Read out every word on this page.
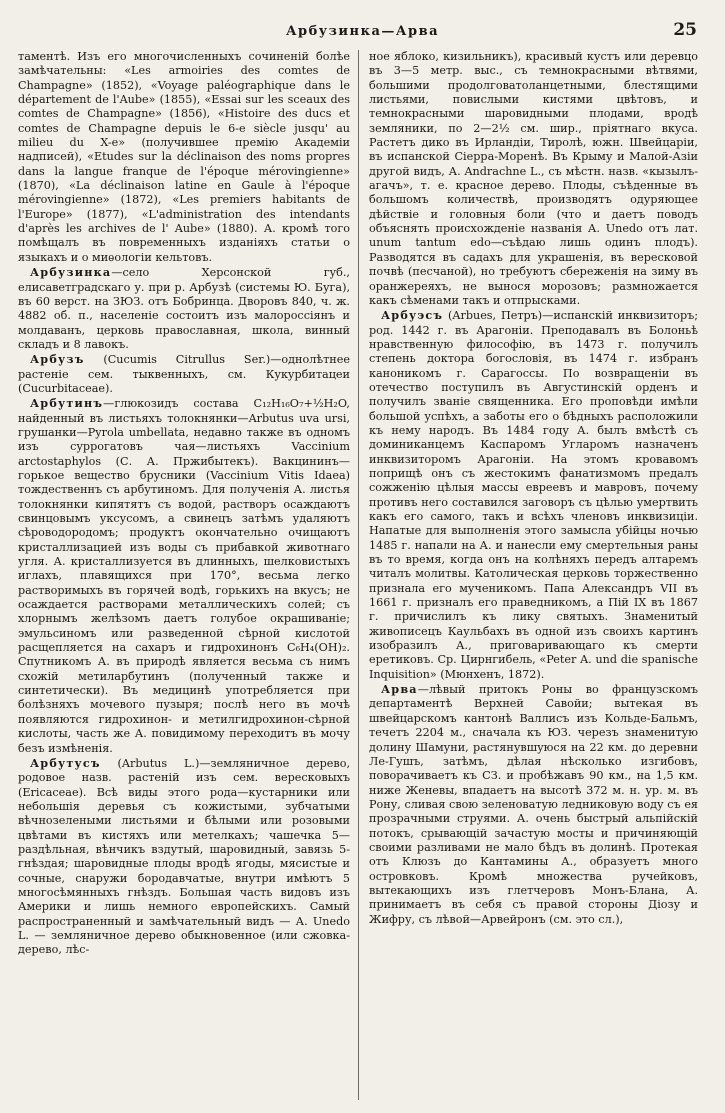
Арбузинка—Арва	25

таментѣ. Изъ его многочисленныхъ сочиненій болѣе замѣчательны: «Les armoiries des comtes de Champagne» (1852), «Voyage paléographique dans le département de l'Aube» (1855), «Essai sur les sceaux des comtes de Champagne» (1856), «Histoire des ducs et comtes de Champagne depuis le 6-e siècle jusqu' au milieu du X-e» (получившее премію Академіи надписей), «Etudes sur la déclinaison des noms propres dans la langue franque de l'époque mérovingienne» (1870), «La déclinaison latine en Gaule à l'époque mérovingienne» (1872), «Les premiers habitants de l'Europe» (1877), «L'administration des intendants d'après les archives de l' Aube» (1880). А. кромѣ того помѣщалъ въ повременныхъ изданіяхъ статьи о языкахъ и о миѳологіи кельтовъ.

Арбузинка—село Херсонской губ., елисаветградскаго у. при р. Арбузѣ (системы Ю. Буга), въ 60 верст. на ЗЮЗ. отъ Бобринца. Дворовъ 840, ч. ж. 4882 об. п., населеніе состоитъ изъ малороссіянъ и молдаванъ, церковь православная, школа, винный складъ и 8 лавокъ.

Арбузъ (Cucumis Citrullus Ser.)—однолѣтнее растеніе сем. тыквенныхъ, см. Кукурбитацеи (Cucurbitaceae).

Арбутинъ—глюкозидъ состава C₁₂H₁₆O₇+½H₂O, найденный въ листьяхъ толокнянки—Arbutus uva ursi, грушанки—Pyrola umbellata, недавно также въ одномъ изъ суррогатовъ чая—листьяхъ Vaccinium arctostaphylos (С. А. Пржибытекъ). Вакцининъ—горькое вещество брусники (Vaccinium Vitis Idaea) тождественнъ съ арбутиномъ. Для полученія А. листья толокнянки кипятятъ съ водой, растворъ осаждаютъ свинцовымъ уксусомъ, а свинецъ затѣмъ удаляютъ сѣроводородомъ; продуктъ окончательно очищаютъ кристаллизацией изъ воды съ прибавкой животнаго угля. А. кристаллизуется въ длинныхъ, шелковистыхъ иглахъ, плавящихся при 170°, весьма легко растворимыхъ въ горячей водѣ, горькихъ на вкусъ; не осаждается растворами металлическихъ солей; съ хлорнымъ желѣзомъ даетъ голубое окрашиваніе; эмульсиномъ или разведенной сѣрной кислотой расщепляется на сахаръ и гидрохинонъ C₆H₄(OH)₂. Спутникомъ А. въ природѣ является весьма съ нимъ схожій метиларбутинъ (полученный также и синтетически). Въ медицинѣ употребляется при болѣзняхъ мочевого пузыря; послѣ него въ мочѣ появляются гидрохинон- и метилгидрохинон-сѣрной кислоты, часть же А. повидимому переходитъ въ мочу безъ измѣненія.

Арбутусъ (Arbutus L.)—земляничное дерево, родовое назв. растеній изъ сем. вересковыхъ (Ericaceae). Всѣ виды этого рода—кустарники или небольшія деревья съ кожистыми, зубчатыми вѣчнозелеными листьями и бѣлыми или розовыми цвѣтами въ кистяхъ или метелкахъ; чашечка 5—раздѣльная, вѣнчикъ вздутый, шаровидный, завязь 5-гнѣздая; шаровидные плоды вродѣ ягоды, мясистые и сочные, снаружи бородавчатые, внутри имѣютъ 5 многосѣмянныхъ гнѣздъ. Большая часть видовъ изъ Америки и лишь немного европейскихъ. Самый распространенный и замѣчательный видъ — А. Unedo L. — земляничное дерево обыкновенное (или сжовка-дерево, лѣс-

ное яблоко, кизильникъ), красивый кустъ или деревцо въ 3—5 метр. выс., съ темнокрасными вѣтвями, большими продолговатоланцетными, блестящими листьями, повислыми кистями цвѣтовъ, и темнокрасными шаровидными плодами, вродѣ земляники, по 2—2½ см. шир., пріятнаго вкуса. Растетъ дико въ Ирландіи, Тиролѣ, южн. Швейцаріи, въ испанской Сіерра-Моренѣ. Въ Крыму и Малой-Азіи другой видъ, А. Andrachne L., съ мѣстн. назв. «кызылъ-агачъ», т. е. красное дерево. Плоды, съѣденные въ большомъ количествѣ, производятъ одуряющее дѣйствіе и головныя боли (что и даетъ поводъ объяснять происхожденіе названія А. Unedo отъ лат. unum tantum edo—съѣдаю лишь одинъ плодъ). Разводятся въ садахъ для украшенія, въ вересковой почвѣ (песчаной), но требуютъ сбереженія на зиму въ оранжереяхъ, не вынося морозовъ; размножается какъ сѣменами такъ и отпрысками.

Арбуэсъ (Arbues, Петръ)—испанскій инквизиторъ; род. 1442 г. въ Арагоніи. Преподавалъ въ Болоньѣ нравственную философію, въ 1473 г. получилъ степень доктора богословія, въ 1474 г. избранъ каноникомъ г. Сарагоссы. По возвращеніи въ отечество поступилъ въ Августинскій орденъ и получилъ званіе священника. Его проповѣди имѣли большой успѣхъ, а заботы его о бѣдныхъ расположили къ нему народъ. Въ 1484 году А. былъ вмѣстѣ съ доминиканцемъ Каспаромъ Угларомъ назначенъ инквизиторомъ Арагоніи. На этомъ кровавомъ поприщѣ онъ съ жестокимъ фанатизмомъ предалъ сожженію цѣлыя массы евреевъ и мавровъ, почему противъ него составился заговоръ съ цѣлью умертвить какъ его самого, такъ и всѣхъ членовъ инквизиціи. Напатые для выполненія этого замысла убійцы ночью 1485 г. напали на А. и нанесли ему смертельныя раны въ то время, когда онъ на колѣняхъ передъ алтаремъ читалъ молитвы. Католическая церковь торжественно признала его мученикомъ. Папа Александръ VII въ 1661 г. призналъ его праведникомъ, а Пій IX въ 1867 г. причислилъ къ лику святыхъ. Знаменитый живописецъ Каульбахъ въ одной изъ своихъ картинъ изобразилъ А., приговаривающаго къ смерти еретиковъ. Ср. Цирнгибель, «Peter A. und die spanische Inquisition» (Мюнхенъ, 1872).

Арва—лѣвый притокъ Роны во французскомъ департаментѣ Верхней Савойи; вытекая въ швейцарскомъ кантонѣ Валлисъ изъ Кольде-Бальмъ, течетъ 2204 м., сначала къ ЮЗ. черезъ знаменитую долину Шамуни, растянувшуюся на 22 км. до деревни Ле-Гушъ, затѣмъ, дѣлая нѣсколько изгибовъ, поворачиваетъ къ СЗ. и пробѣжавъ 90 км., на 1,5 км. ниже Женевы, впадаетъ на высотѣ 372 м. н. ур. м. въ Рону, сливая свою зеленоватую ледниковую воду съ ея прозрачными струями. А. очень быстрый альпійскій потокъ, срывающій зачастую мосты и причиняющій своими разливами не мало бѣдъ въ долинѣ. Протекая отъ Клюзъ до Кантамины А., образуетъ много островковъ. Кромѣ множества ручейковъ, вытекающихъ изъ глетчеровъ Монъ-Блана, А. принимаетъ въ себя съ правой стороны Діозу и Жифру, съ лѣвой—Арвейронъ (см. это сл.),
